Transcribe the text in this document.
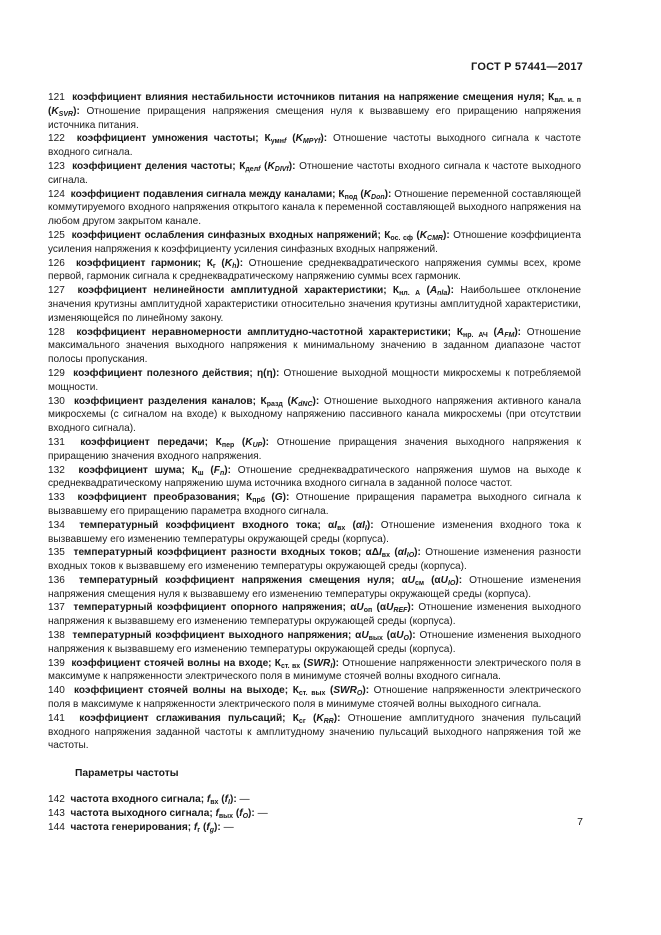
ГОСТ Р 57441—2017

121  коэффициент влияния нестабильности источников питания на напряжение смещения нуля; $К_{вл. и. п}$ $(K_{SVR})$: Отношение приращения напряжения смещения нуля к вызвавшему его приращению напряжения источника питания.

122  коэффициент умножения частоты; $К_{умнf}$ $(K_{MPYf})$: Отношение частоты выходного сигнала к частоте входного сигнала.

123  коэффициент деления частоты; $К_{делf}$ $(K_{DIVf})$: Отношение частоты входного сигнала к частоте выходного сигнала.

124  коэффициент подавления сигнала между каналами; $К_{под}$ $(K_{Don})$: Отношение переменной составляющей коммутируемого входного напряжения открытого канала к переменной составляющей выходного напряжения на любом другом закрытом канале.

125  коэффициент ослабления синфазных входных напряжений; $К_{ос. сф}$ $(K_{CMR})$: Отношение коэффициента усиления напряжения к коэффициенту усиления синфазных входных напряжений.

126  коэффициент гармоник; $К_г$ $(K_h)$: Отношение среднеквадратического напряжения суммы всех, кроме первой, гармоник сигнала к среднеквадратическому напряжению суммы всех гармоник.

127  коэффициент нелинейности амплитудной характеристики; $К_{нл. А}$ $(A_{nla})$: Наибольшее отклонение значения крутизны амплитудной характеристики относительно значения крутизны амплитудной характеристики, изменяющейся по линейному закону.

128  коэффициент неравномерности амплитудно-частотной характеристики; $К_{нр. АЧ}$ $(A_{FM})$: Отношение максимального значения выходного напряжения к минимальному значению в заданном диапазоне частот полосы пропускания.

129  коэффициент полезного действия; η(η): Отношение выходной мощности микросхемы к потребляемой мощности.

130  коэффициент разделения каналов; $К_{разд}$ $(K_{dNC})$: Отношение выходного напряжения активного канала микросхемы (с сигналом на входе) к выходному напряжению пассивного канала микросхемы (при отсутствии входного сигнала).

131  коэффициент передачи; $К_{пер}$ $(K_{UP})$: Отношение приращения значения выходного напряжения к приращению значения входного напряжения.

132  коэффициент шума; $К_ш$ $(F_n)$: Отношение среднеквадратического напряжения шумов на выходе к среднеквадратическому напряжению шума источника входного сигнала в заданной полосе частот.

133  коэффициент преобразования; $К_{прб}$ (G): Отношение приращения параметра выходного сигнала к вызвавшему его приращению параметра входного сигнала.

134  температурный коэффициент входного тока; $\alpha I_{вх}$ $(\alpha I_I)$: Отношение изменения входного тока к вызвавшему его изменению температуры окружающей среды (корпуса).

135  температурный коэффициент разности входных токов; αΔI$_{вх}$ $(\alpha I_{IO})$: Отношение изменения разности входных токов к вызвавшему его изменению температуры окружающей среды (корпуса).

136  температурный коэффициент напряжения смещения нуля; $\alpha U_{см}$ $(\alpha U_{IO})$: Отношение изменения напряжения смещения нуля к вызвавшему его изменению температуры окружающей среды (корпуса).

137  температурный коэффициент опорного напряжения; $\alpha U_{оп}$ $(\alpha U_{REF})$: Отношение изменения выходного напряжения к вызвавшему его изменению температуры окружающей среды (корпуса).

138  температурный коэффициент выходного напряжения; $\alpha U_{вых}$ $(\alpha U_O)$: Отношение изменения выходного напряжения к вызвавшему его изменению температуры окружающей среды (корпуса).

139  коэффициент стоячей волны на входе; $К_{ст. вх}$ $(SWR_I)$: Отношение напряженности электрического поля в максимуме к напряженности электрического поля в минимуме стоячей волны входного сигнала.

140  коэффициент стоячей волны на выходе; $К_{ст. вых}$ $(SWR_O)$: Отношение напряженности электрического поля в максимуме к напряженности электрического поля в минимуме стоячей волны выходного сигнала.

141  коэффициент сглаживания пульсаций; $К_{сг}$ $(K_{RR})$: Отношение амплитудного значения пульсаций входного напряжения заданной частоты к амплитудному значению пульсаций выходного напряжения той же частоты.

Параметры частоты

142  частота входного сигнала; $f_{вх}$ $(f_I)$: —

143  частота выходного сигнала; $f_{вых}$ $(f_O)$: —

144  частота генерирования; $f_г$ $(f_g)$: —	7
